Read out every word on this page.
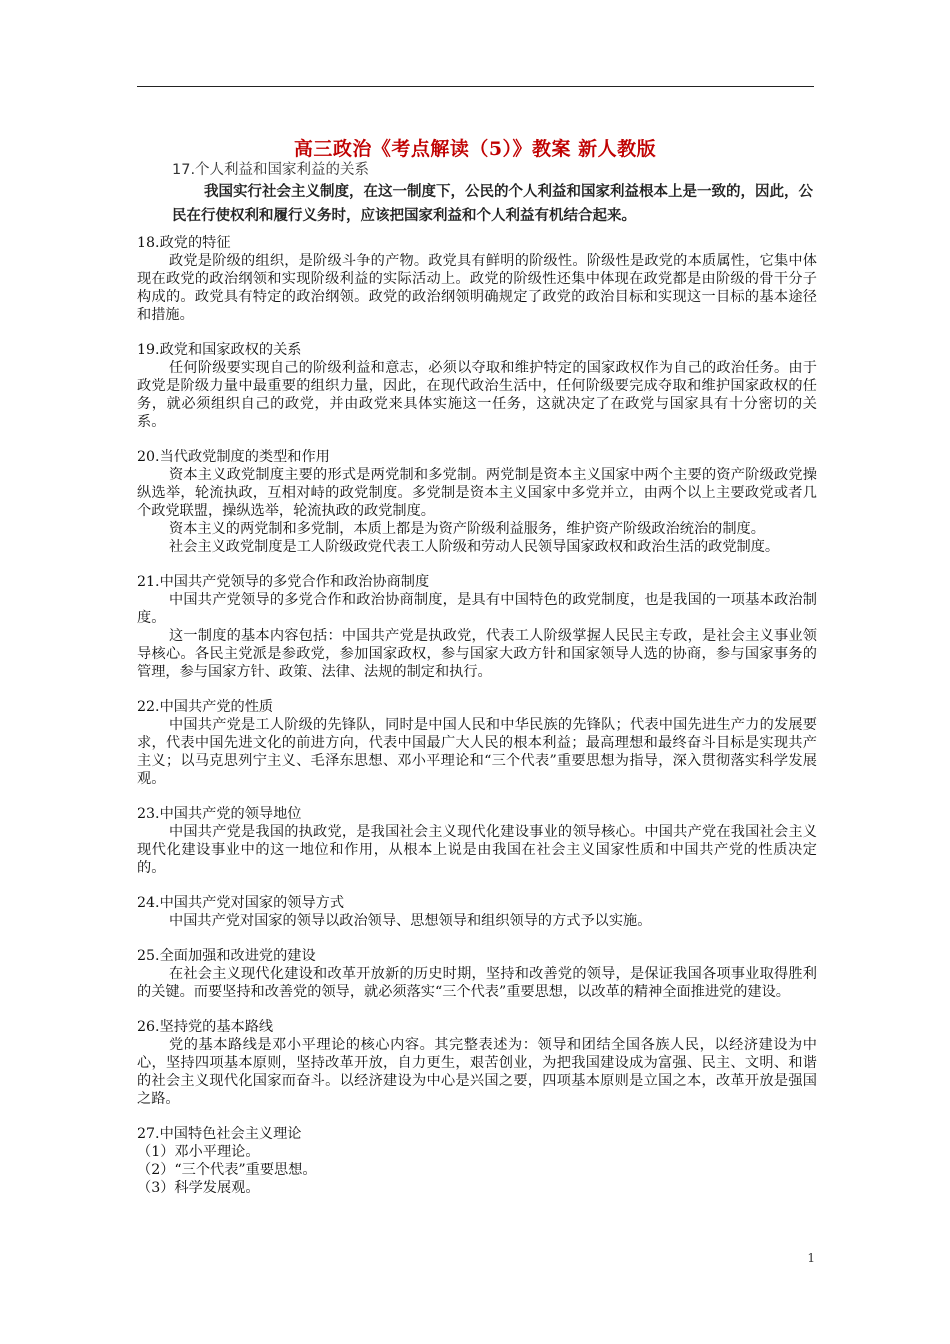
高三政治《考点解读（5）》教案 新人教版
17.个人利益和国家利益的关系
我国实行社会主义制度，在这一制度下，公民的个人利益和国家利益根本上是一致的，因此，公民在行使权利和履行义务时，应该把国家利益和个人利益有机结合起来。
18.政党的特征
政党是阶级的组织，是阶级斗争的产物。政党具有鲜明的阶级性。阶级性是政党的本质属性，它集中体现在政党的政治纲领和实现阶级利益的实际活动上。政党的阶级性还集中体现在政党都是由阶级的骨干分子构成的。政党具有特定的政治纲领。政党的政治纲领明确规定了政党的政治目标和实现这一目标的基本途径和措施。
19.政党和国家政权的关系
任何阶级要实现自己的阶级利益和意志，必须以夺取和维护特定的国家政权作为自己的政治任务。由于政党是阶级力量中最重要的组织力量，因此，在现代政治生活中，任何阶级要完成夺取和维护国家政权的任务，就必须组织自己的政党，并由政党来具体实施这一任务，这就决定了在政党与国家具有十分密切的关系。
20.当代政党制度的类型和作用
资本主义政党制度主要的形式是两党制和多党制。两党制是资本主义国家中两个主要的资产阶级政党操纵选举，轮流执政，互相对峙的政党制度。多党制是资本主义国家中多党并立，由两个以上主要政党或者几个政党联盟，操纵选举，轮流执政的政党制度。
资本主义的两党制和多党制，本质上都是为资产阶级利益服务，维护资产阶级政治统治的制度。
社会主义政党制度是工人阶级政党代表工人阶级和劳动人民领导国家政权和政治生活的政党制度。
21.中国共产党领导的多党合作和政治协商制度
中国共产党领导的多党合作和政治协商制度，是具有中国特色的政党制度，也是我国的一项基本政治制度。
这一制度的基本内容包括：中国共产党是执政党，代表工人阶级掌握人民民主专政，是社会主义事业领导核心。各民主党派是参政党，参加国家政权，参与国家大政方针和国家领导人选的协商，参与国家事务的管理，参与国家方针、政策、法律、法规的制定和执行。
22.中国共产党的性质
中国共产党是工人阶级的先锋队，同时是中国人民和中华民族的先锋队；代表中国先进生产力的发展要求，代表中国先进文化的前进方向，代表中国最广大人民的根本利益；最高理想和最终奋斗目标是实现共产主义；以马克思列宁主义、毛泽东思想、邓小平理论和“三个代表”重要思想为指导，深入贯彻落实科学发展观。
23.中国共产党的领导地位
中国共产党是我国的执政党，是我国社会主义现代化建设事业的领导核心。中国共产党在我国社会主义现代化建设事业中的这一地位和作用，从根本上说是由我国在社会主义国家性质和中国共产党的性质决定的。
24.中国共产党对国家的领导方式
中国共产党对国家的领导以政治领导、思想领导和组织领导的方式予以实施。
25.全面加强和改进党的建设
在社会主义现代化建设和改革开放新的历史时期，坚持和改善党的领导，是保证我国各项事业取得胜利的关键。而要坚持和改善党的领导，就必须落实“三个代表”重要思想，以改革的精神全面推进党的建设。
26.坚持党的基本路线
党的基本路线是邓小平理论的核心内容。其完整表述为：领导和团结全国各族人民，以经济建设为中心，坚持四项基本原则，坚持改革开放，自力更生，艰苦创业，为把我国建设成为富强、民主、文明、和谐的社会主义现代化国家而奋斗。以经济建设为中心是兴国之要，四项基本原则是立国之本，改革开放是强国之路。
27.中国特色社会主义理论
（1）邓小平理论。
（2）“三个代表”重要思想。
（3）科学发展观。
1
